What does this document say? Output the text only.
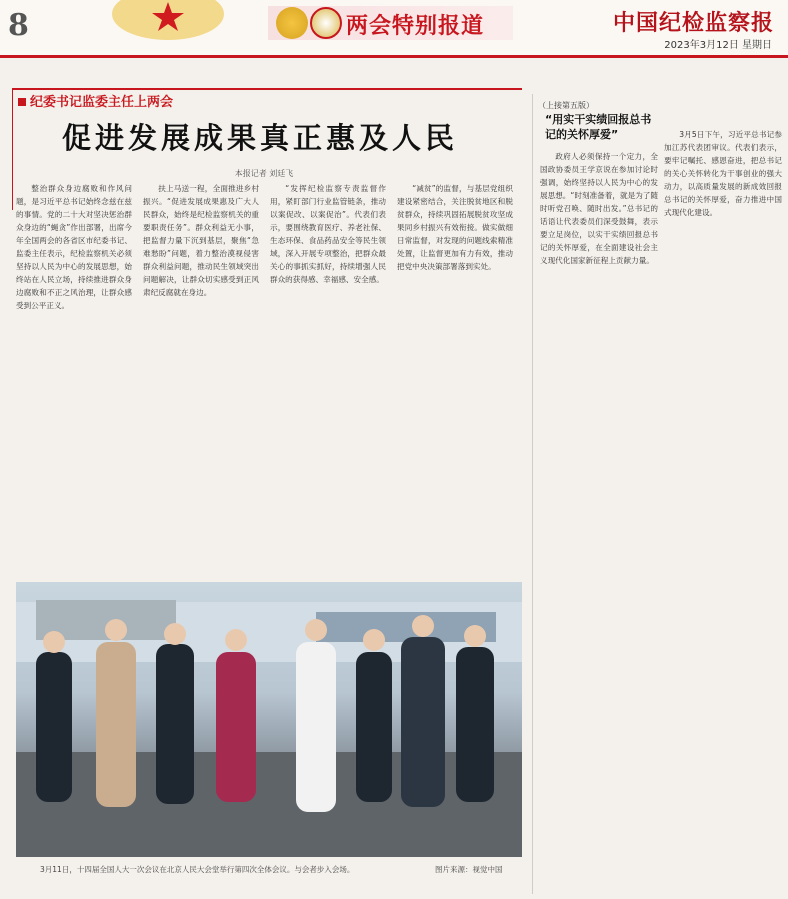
8	两会特别报道	中国纪检监察报
2023年3月12日 星期日
纪委书记监委主任上两会
促进发展成果真正惠及人民
本报记者 刘廷飞

整治群众身边腐败和作风问题，是习近平总书记始终念兹在兹的事情。党的二十大对坚决惩治群众身边的“蝇贪”作出部署，出席今年全国两会的各省区市纪委书记、监委主任表示，纪检监察机关必须坚持以人民为中心的发展思想，始终站在人民立场，持续推进群众身边腐败和不正之风治理，让群众感受到公平正义。

扶上马送一程，全面推进乡村振兴。“促进发展成果惠及广大人民群众，始终是纪检监察机关的重要职责任务”。群众利益无小事，把监督力量下沉到基层，聚焦“急难愁盼”问题，着力整治漠视侵害群众利益问题，推动民生领域突出问题解决，让群众切实感受到正风肃纪反腐就在身边。

“发挥纪检监察专责监督作用，紧盯部门行业监管链条，推动以案促改、以案促治”。代表们表示，要围绕教育医疗、养老社保、生态环保、食品药品安全等民生领域，深入开展专项整治，把群众最关心的事抓实抓好，持续增强人民群众的获得感、幸福感、安全感。

“减贫”的监督，与基层党组织建设紧密结合，关注脱贫地区和脱贫群众，持续巩固拓展脱贫攻坚成果同乡村振兴有效衔接。做实做细日常监督，对发现的问题线索精准处置，让监督更加有力有效，推动把党中央决策部署落到实处。

3月11日，十四届全国人大一次会议在北京人民大会堂举行第四次全体会议。与会者步入会场。	图片来源：视觉中国
（上接第五版）
“用实干实绩回报总书记的关怀厚爱”

政府人必须保持一个定力，全国政协委员王学京说在参加讨论时强调，始终坚持以人民为中心的发展思想。“时刻准备着，就是为了随时听党召唤、随时出发。”总书记的话语让代表委员们深受鼓舞，表示要立足岗位，以实干实绩回报总书记的关怀厚爱，在全面建设社会主义现代化国家新征程上贡献力量。

3月5日下午，习近平总书记参加江苏代表团审议。代表们表示，要牢记嘱托、感恩奋进，把总书记的关心关怀转化为干事创业的强大动力，以高质量发展的新成效回报总书记的关怀厚爱，奋力推进中国式现代化建设。
